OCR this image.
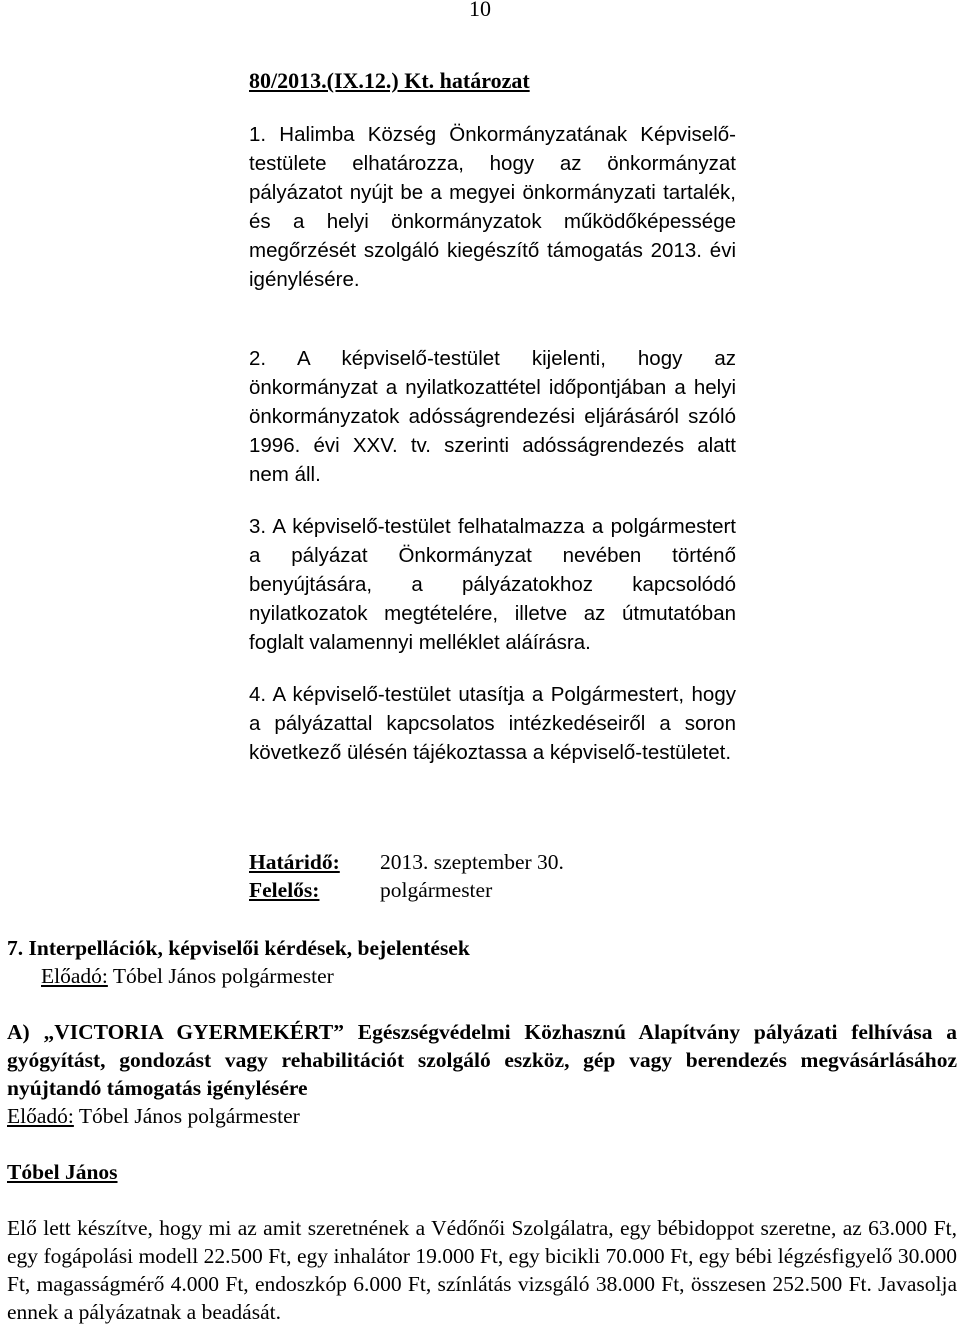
10
80/2013.(IX.12.) Kt. határozat

1. Halimba Község Önkormányzatának Képviselő-testülete elhatározza, hogy az önkormányzat pályázatot nyújt be a megyei önkormányzati tartalék, és a helyi önkormányzatok működőképessége megőrzését szolgáló kiegészítő támogatás 2013. évi igénylésére.

2. A képviselő-testület kijelenti, hogy az önkormányzat a nyilatkozattétel időpontjában a helyi önkormányzatok adósságrendezési eljárásáról szóló 1996. évi XXV. tv. szerinti adósságrendezés alatt nem áll.

3. A képviselő-testület felhatalmazza a polgármestert a pályázat Önkormányzat nevében történő benyújtására, a pályázatokhoz kapcsolódó nyilatkozatok megtételére, illetve az útmutatóban foglalt valamennyi melléklet aláírásra.

4. A képviselő-testület utasítja a Polgármestert, hogy a pályázattal kapcsolatos intézkedéseiről a soron következő ülésén tájékoztassa a képviselő-testületet.

Határidő: 2013. szeptember 30.
Felelős:	polgármester
7. Interpellációk, képviselői kérdések, bejelentések
Előadó: Tóbel János polgármester
A) „VICTORIA GYERMEKÉRT” Egészségvédelmi Közhasznú Alapítvány pályázati felhívása a gyógyítást, gondozást vagy rehabilitációt szolgáló eszköz, gép vagy berendezés megvásárlásához nyújtandó támogatás igénylésére
Előadó: Tóbel János polgármester
Tóbel János

Elő lett készítve, hogy mi az amit szeretnének a Védőnői Szolgálatra, egy bébidoppot szeretne, az 63.000 Ft, egy fogápolási modell 22.500 Ft, egy inhalátor 19.000 Ft, egy bicikli 70.000 Ft, egy bébi légzésfigyelő 30.000 Ft, magasságmérő 4.000 Ft, endoszkóp 6.000 Ft, színlátás vizsgáló 38.000 Ft, összesen 252.500 Ft. Javasolja ennek a pályázatnak a beadását.
